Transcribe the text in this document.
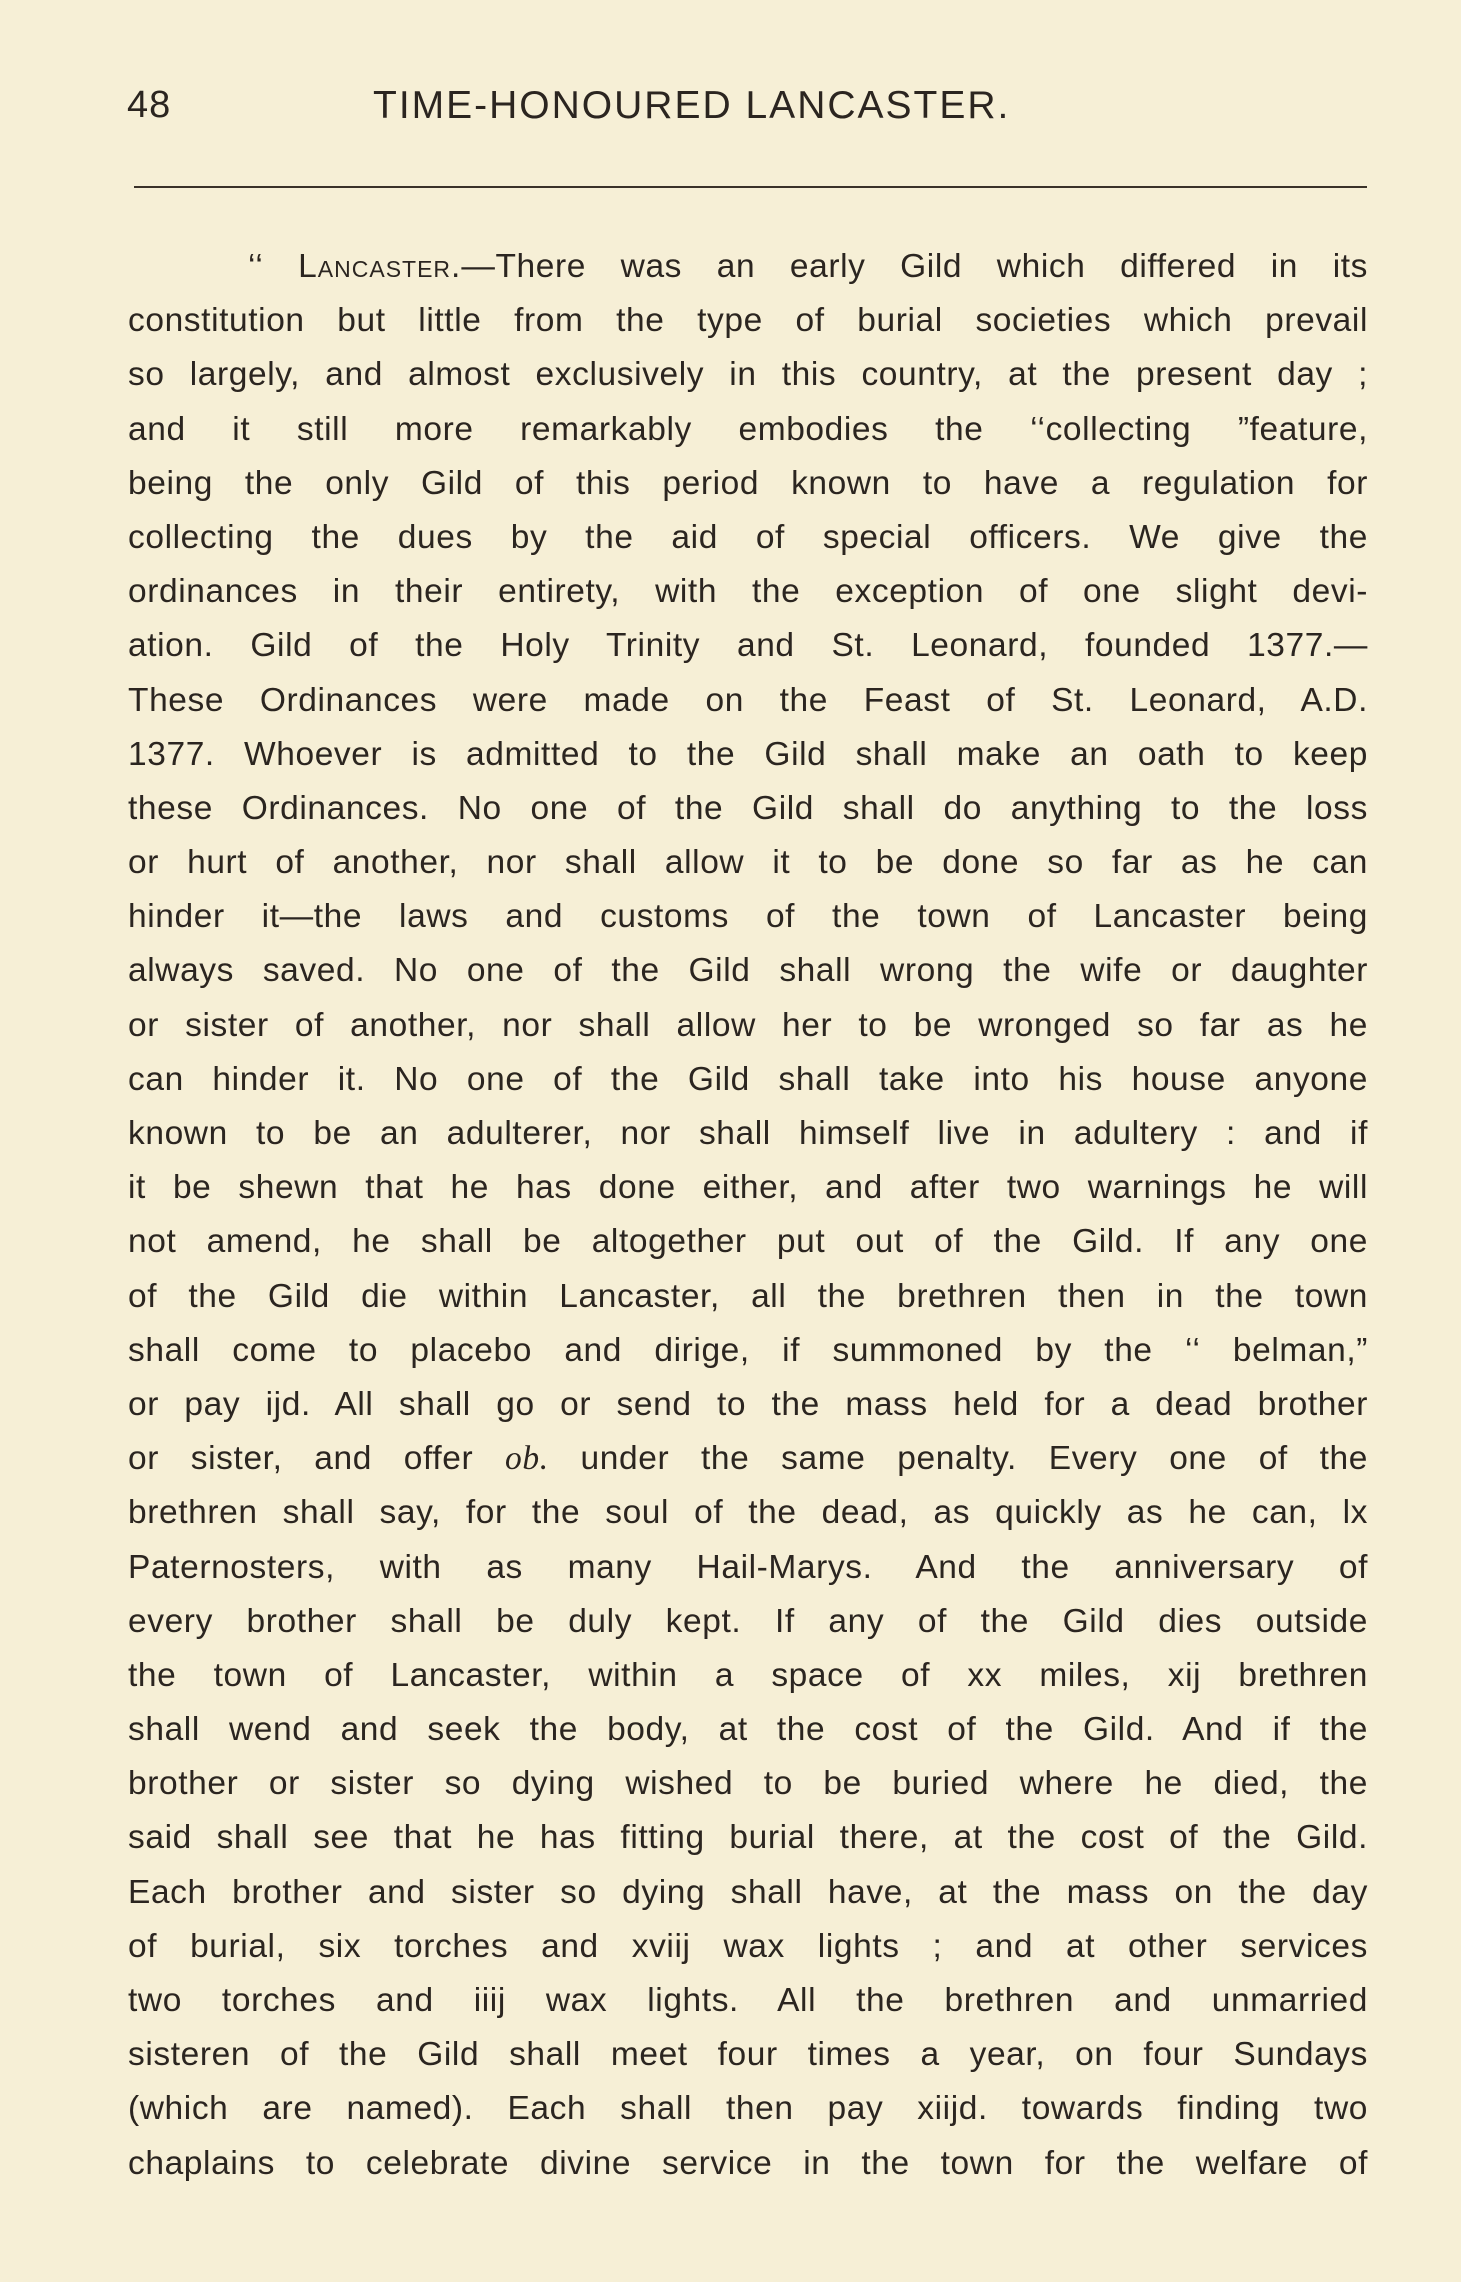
48	TIME-HONOURED LANCASTER.
‘‘ Lancaster.—There was an early Gild which differed in its
constitution but little from the type of burial societies which prevail
so largely, and almost exclusively in this country, at the present day ;
and it still more remarkably embodies the ‘‘collecting ”feature,
being the only Gild of this period known to have a regulation for
collecting the dues by the aid of special officers. We give the
ordinances in their entirety, with the exception of one slight devi-
ation. Gild of the Holy Trinity and St. Leonard, founded 1377.—
These Ordinances were made on the Feast of St. Leonard, A.D.
1377. Whoever is admitted to the Gild shall make an oath to keep
these Ordinances. No one of the Gild shall do anything to the loss
or hurt of another, nor shall allow it to be done so far as he can
hinder it—the laws and customs of the town of Lancaster being
always saved. No one of the Gild shall wrong the wife or daughter
or sister of another, nor shall allow her to be wronged so far as he
can hinder it. No one of the Gild shall take into his house anyone
known to be an adulterer, nor shall himself live in adultery : and if
it be shewn that he has done either, and after two warnings he will
not amend, he shall be altogether put out of the Gild. If any one
of the Gild die within Lancaster, all the brethren then in the town
shall come to placebo and dirige, if summoned by the ‘‘ belman,”
or pay ijd. All shall go or send to the mass held for a dead brother
or sister, and offer ob. under the same penalty. Every one of the
brethren shall say, for the soul of the dead, as quickly as he can, lx
Paternosters, with as many Hail-Marys. And the anniversary of
every brother shall be duly kept. If any of the Gild dies outside
the town of Lancaster, within a space of xx miles, xij brethren
shall wend and seek the body, at the cost of the Gild. And if the
brother or sister so dying wished to be buried where he died, the
said shall see that he has fitting burial there, at the cost of the Gild.
Each brother and sister so dying shall have, at the mass on the day
of burial, six torches and xviij wax lights ; and at other services
two torches and iiij wax lights. All the brethren and unmarried
sisteren of the Gild shall meet four times a year, on four Sundays
(which are named). Each shall then pay xiijd. towards finding two
chaplains to celebrate divine service in the town for the welfare of
